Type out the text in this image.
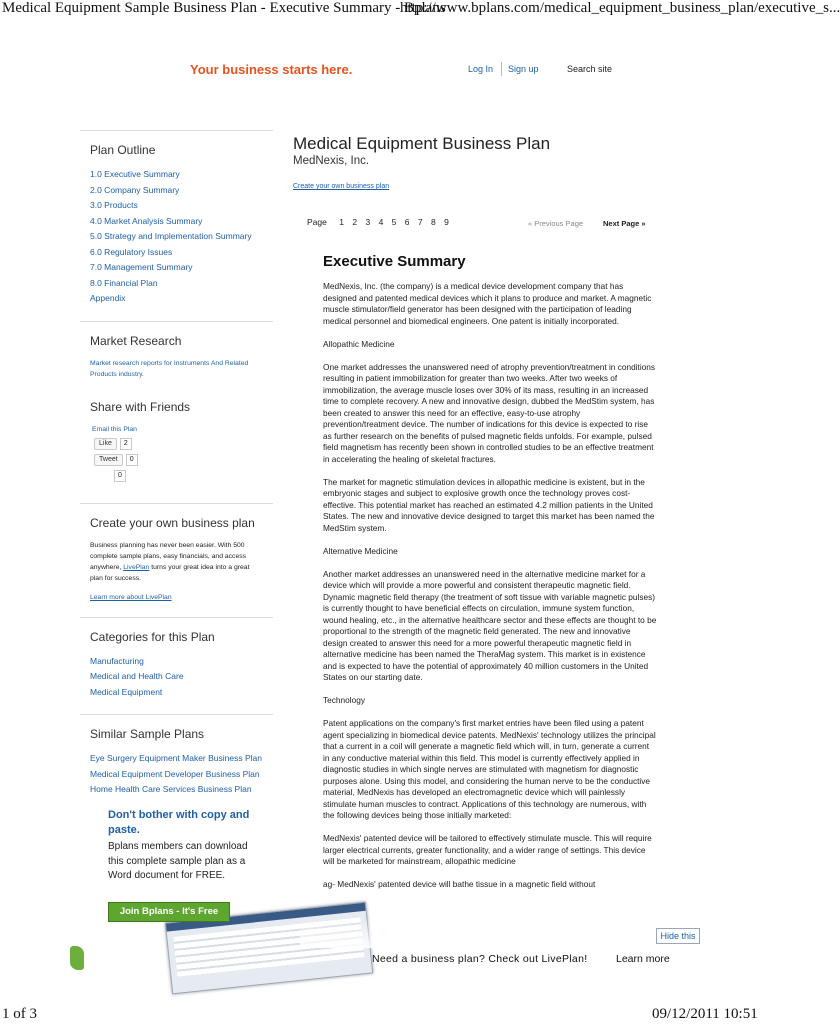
Medical Equipment Sample Business Plan - Executive Summary - Bplans
http://www.bplans.com/medical_equipment_business_plan/executive_s...
Your business starts here.	Log In Sign up	Search site
Plan Outline
1.0 Executive Summary
2.0 Company Summary
3.0 Products
4.0 Market Analysis Summary
5.0 Strategy and Implementation Summary
6.0 Regulatory Issues
7.0 Management Summary
8.0 Financial Plan
Appendix
Market Research
Market research reports for Instruments And Related Products industry.
Share with Friends
Email this Plan
Like	2
Tweet	0
0
Create your own business plan
Business planning has never been easier. With 500 complete sample plans, easy financials, and access anywhere, LivePlan turns your great idea into a great plan for success.
Learn more about LivePlan
Categories for this Plan
Manufacturing
Medical and Health Care
Medical Equipment
Similar Sample Plans
Eye Surgery Equipment Maker Business Plan
Medical Equipment Developer Business Plan
Home Health Care Services Business Plan
Don't bother with copy and paste.
Bplans members can download this complete sample plan as a Word document for FREE.
Join Bplans - It's Free
Medical Equipment Business Plan
MedNexis, Inc.
Create your own business plan
Page 1 2 3 4 5 6 7 8 9	« Previous Page	Next Page »
Executive Summary

MedNexis, Inc. (the company) is a medical device development company that has designed and patented medical devices which it plans to produce and market. A magnetic muscle stimulator/field generator has been designed with the participation of leading medical personnel and biomedical engineers. One patent is initially incorporated.

Allopathic Medicine

One market addresses the unanswered need of atrophy prevention/treatment in conditions resulting in patient immobilization for greater than two weeks. After two weeks of immobilization, the average muscle loses over 30% of its mass, resulting in an increased time to complete recovery. A new and innovative design, dubbed the MedStim system, has been created to answer this need for an effective, easy-to-use atrophy prevention/treatment device. The number of indications for this device is expected to rise as further research on the benefits of pulsed magnetic fields unfolds. For example, pulsed field magnetism has recently been shown in controlled studies to be an effective treatment in accelerating the healing of skeletal fractures.

The market for magnetic stimulation devices in allopathic medicine is existent, but in the embryonic stages and subject to explosive growth once the technology proves cost-effective. This potential market has reached an estimated 4.2 million patients in the United States. The new and innovative device designed to target this market has been named the MedStim system.

Alternative Medicine

Another market addresses an unanswered need in the alternative medicine market for a device which will provide a more powerful and consistent therapeutic magnetic field. Dynamic magnetic field therapy (the treatment of soft tissue with variable magnetic pulses) is currently thought to have beneficial effects on circulation, immune system function, wound healing, etc., in the alternative healthcare sector and these effects are thought to be proportional to the strength of the magnetic field generated. The new and innovative design created to answer this need for a more powerful therapeutic magnetic field in alternative medicine has been named the TheraMag system. This market is in existence and is expected to have the potential of approximately 40 million customers in the United States on our starting date.

Technology

Patent applications on the company's first market entries have been filed using a patent agent specializing in biomedical device patents. MedNexis' technology utilizes the principal that a current in a coil will generate a magnetic field which will, in turn, generate a current in any conductive material within this field. This model is currently effectively applied in diagnostic studies in which single nerves are stimulated with magnetism for diagnostic purposes alone. Using this model, and considering the human nerve to be the conductive material, MedNexis has developed an electromagnetic device which will painlessly stimulate human muscles to contract. Applications of this technology are numerous, with the following devices being those initially marketed:

MedNexis' patented device will be tailored to effectively stimulate muscle. This will require larger electrical currents, greater functionality, and a wider range of settings. This device will be marketed for mainstream, allopathic medicine

ag- MedNexis' patented device will bathe tissue in a magnetic field without

Hide this
Need a business plan? Check out LivePlan!	Learn more
1 of 3	09/12/2011 10:51
